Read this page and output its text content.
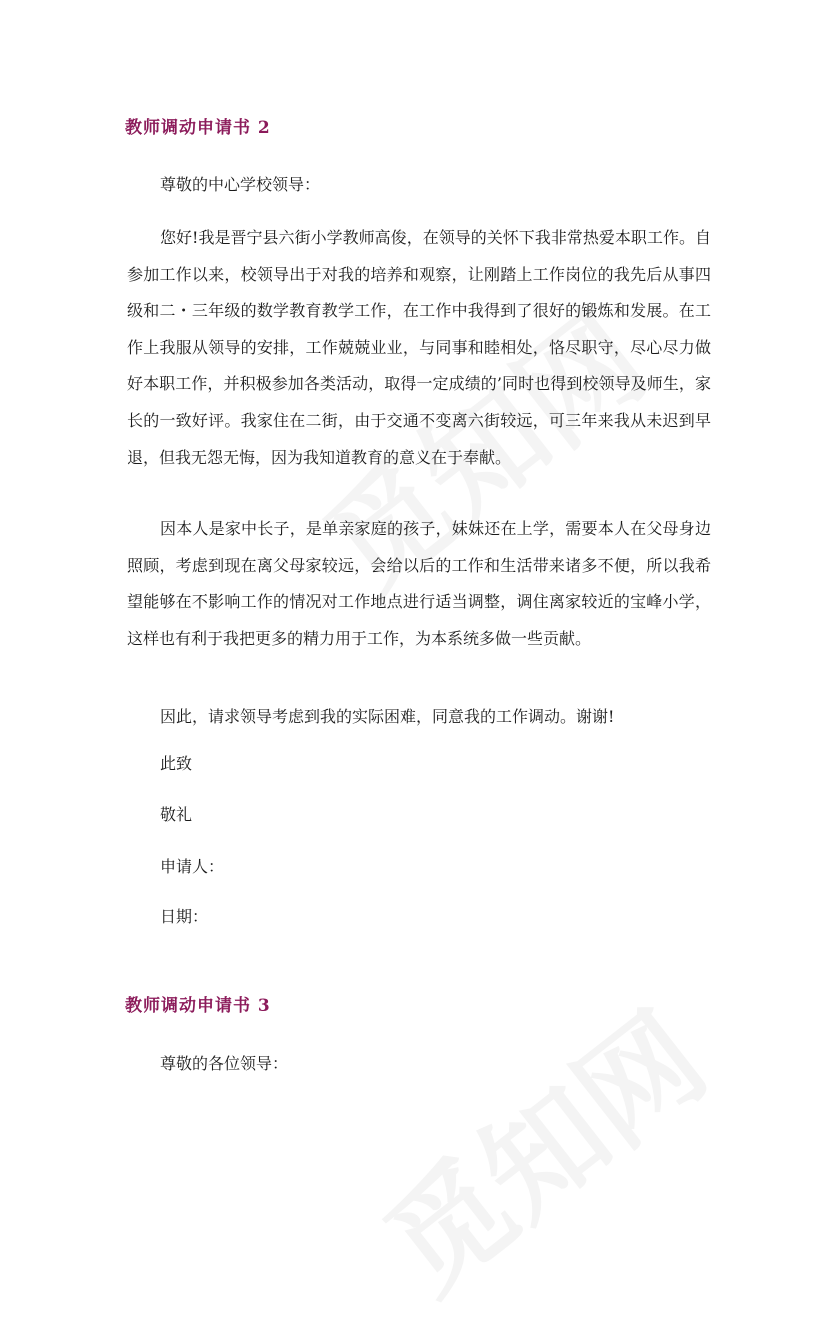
教师调动申请书 2
尊敬的中心学校领导：

您好!我是晋宁县六街小学教师高俊，在领导的关怀下我非常热爱本职工作。自参加工作以来，校领导出于对我的培养和观察，让刚踏上工作岗位的我先后从事四级和二・三年级的数学教育教学工作，在工作中我得到了很好的锻炼和发展。在工作上我服从领导的安排，工作兢兢业业，与同事和睦相处，恪尽职守，尽心尽力做好本职工作，并积极参加各类活动，取得一定成绩的’同时也得到校领导及师生，家长的一致好评。我家住在二街，由于交通不变离六街较远，可三年来我从未迟到早退，但我无怨无悔，因为我知道教育的意义在于奉献。

因本人是家中长子，是单亲家庭的孩子，妹妹还在上学，需要本人在父母身边照顾，考虑到现在离父母家较远，会给以后的工作和生活带来诸多不便，所以我希望能够在不影响工作的情况对工作地点进行适当调整，调住离家较近的宝峰小学，这样也有利于我把更多的精力用于工作，为本系统多做一些贡献。

因此，请求领导考虑到我的实际困难，同意我的工作调动。谢谢!
此致
敬礼
申请人：
日期：
教师调动申请书 3
尊敬的各位领导：
